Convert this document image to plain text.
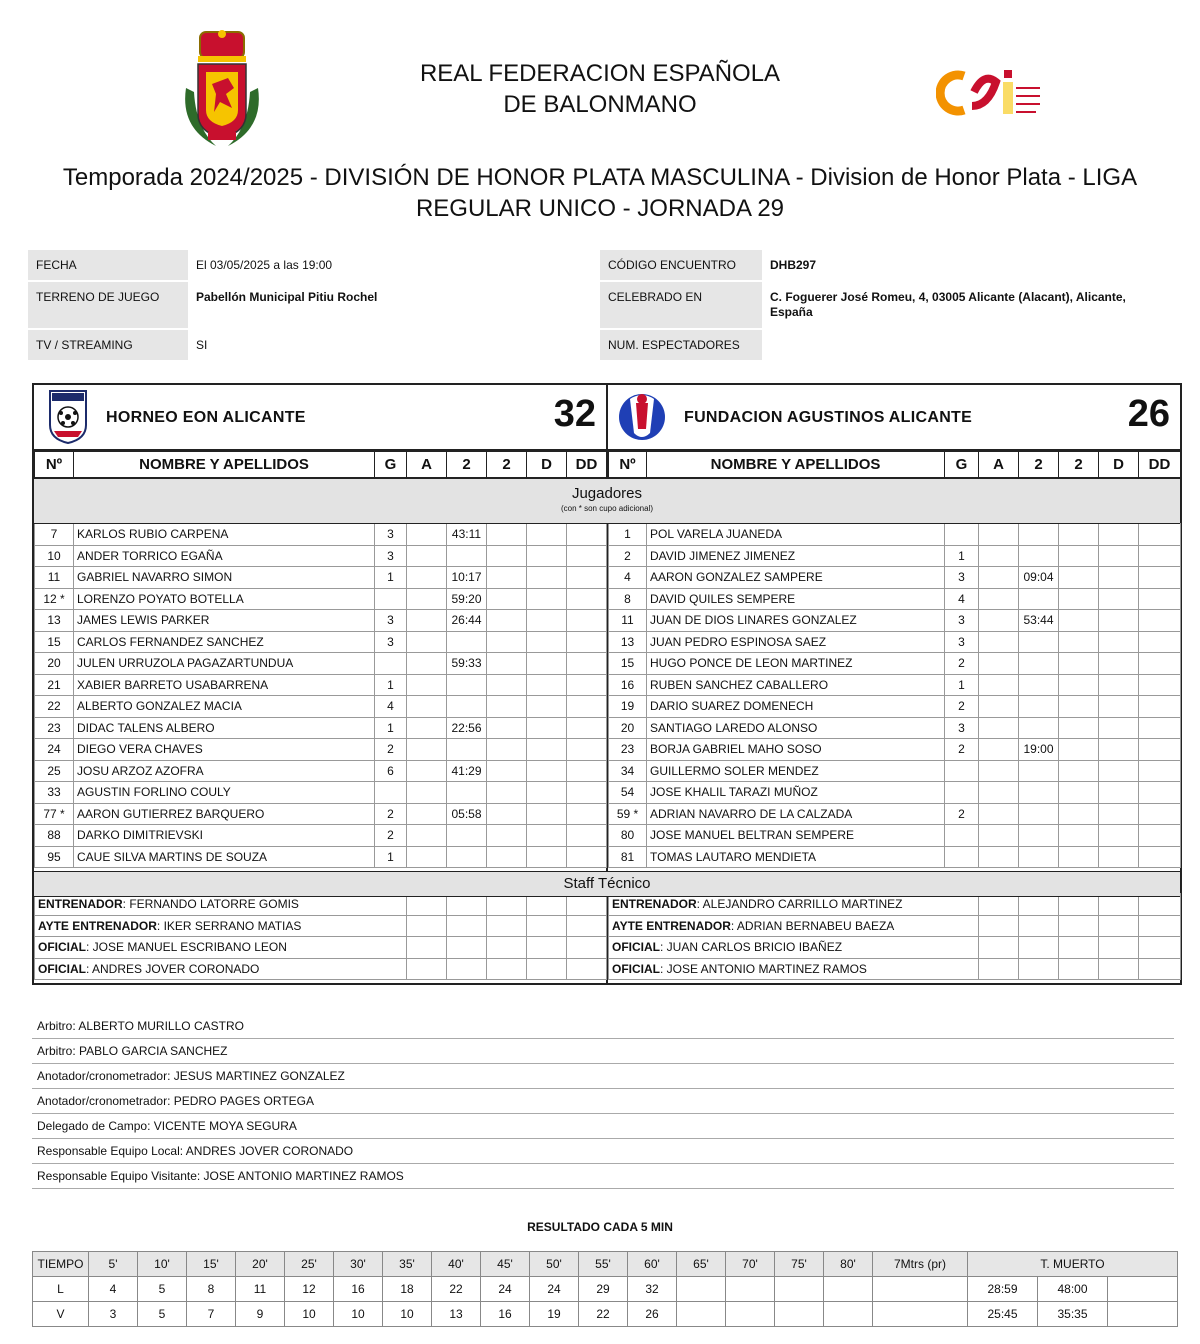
REAL FEDERACION ESPAÑOLA
DE BALONMANO
Temporada 2024/2025 - DIVISIÓN DE HONOR PLATA MASCULINA - Division de Honor Plata - LIGA
REGULAR UNICO - JORNADA 29
FECHA	El 03/05/2025 a las 19:00
TERRENO DE JUEGO	Pabellón Municipal Pitiu Rochel
TV / STREAMING	SI
CÓDIGO ENCUENTRO	DHB297
CELEBRADO EN	C. Foguerer José Romeu, 4, 03005 Alicante (Alacant), Alicante, España
NUM. ESPECTADORES
HORNEO EON ALICANTE	32	FUNDACION AGUSTINOS ALICANTE	26
Nº	NOMBRE Y APELLIDOS	G	A	2	2	D	DD

7	KARLOS RUBIO CARPENA	3		43:11			
10	ANDER TORRICO EGAÑA	3					
11	GABRIEL NAVARRO SIMON	1		10:17			
12 *	LORENZO POYATO BOTELLA			59:20			
13	JAMES LEWIS PARKER	3		26:44			
15	CARLOS FERNANDEZ SANCHEZ	3					
20	JULEN URRUZOLA PAGAZARTUNDUA			59:33			
21	XABIER BARRETO USABARRENA	1					
22	ALBERTO GONZALEZ MACIA	4					
23	DIDAC TALENS ALBERO	1		22:56			
24	DIEGO VERA CHAVES	2					
25	JOSU ARZOZ AZOFRA	6		41:29			
33	AGUSTIN FORLINO COULY						
77 *	AARON GUTIERREZ BARQUERO	2		05:58			
88	DARKO DIMITRIEVSKI	2					
95	CAUE SILVA MARTINS DE SOUZA	1					

ENTRENADOR: FERNANDO LATORRE GOMIS							
AYTE ENTRENADOR: IKER SERRANO MATIAS							
OFICIAL: JOSE MANUEL ESCRIBANO LEON							
OFICIAL: ANDRES JOVER CORONADO							
Nº	NOMBRE Y APELLIDOS	G	A	2	2	D	DD

1	POL VARELA JUANEDA						
2	DAVID JIMENEZ JIMENEZ	1					
4	AARON GONZALEZ SAMPERE	3		09:04			
8	DAVID QUILES SEMPERE	4					
11	JUAN DE DIOS LINARES GONZALEZ	3		53:44			
13	JUAN PEDRO ESPINOSA SAEZ	3					
15	HUGO PONCE DE LEON MARTINEZ	2					
16	RUBEN SANCHEZ CABALLERO	1					
19	DARIO SUAREZ DOMENECH	2					
20	SANTIAGO LAREDO ALONSO	3					
23	BORJA GABRIEL MAHO SOSO	2		19:00			
34	GUILLERMO SOLER MENDEZ						
54	JOSE KHALIL TARAZI MUÑOZ						
59 *	ADRIAN NAVARRO DE LA CALZADA	2					
80	JOSE MANUEL BELTRAN SEMPERE						
81	TOMAS LAUTARO MENDIETA						

ENTRENADOR: ALEJANDRO CARRILLO MARTINEZ							
AYTE ENTRENADOR: ADRIAN BERNABEU BAEZA							
OFICIAL: JUAN CARLOS BRICIO IBAÑEZ							
OFICIAL: JOSE ANTONIO MARTINEZ RAMOS							
Jugadores
(con * son cupo adicional)
Staff Técnico
Arbitro: ALBERTO MURILLO CASTRO
Arbitro: PABLO GARCIA SANCHEZ
Anotador/cronometrador: JESUS MARTINEZ GONZALEZ
Anotador/cronometrador: PEDRO PAGES ORTEGA
Delegado de Campo: VICENTE MOYA SEGURA
Responsable Equipo Local: ANDRES JOVER CORONADO
Responsable Equipo Visitante: JOSE ANTONIO MARTINEZ RAMOS
RESULTADO CADA 5 MIN
TIEMPO	5'	10'	15'	20'	25'	30'	35'	40'	45'	50'	55'	60'	65'	70'	75'	80'	7Mtrs (pr)	T. MUERTO		
L	4	5	8	11	12	16	18	22	24	24	29	32						28:59	48:00	
V	3	5	7	9	10	10	10	13	16	19	22	26						25:45	35:35	
